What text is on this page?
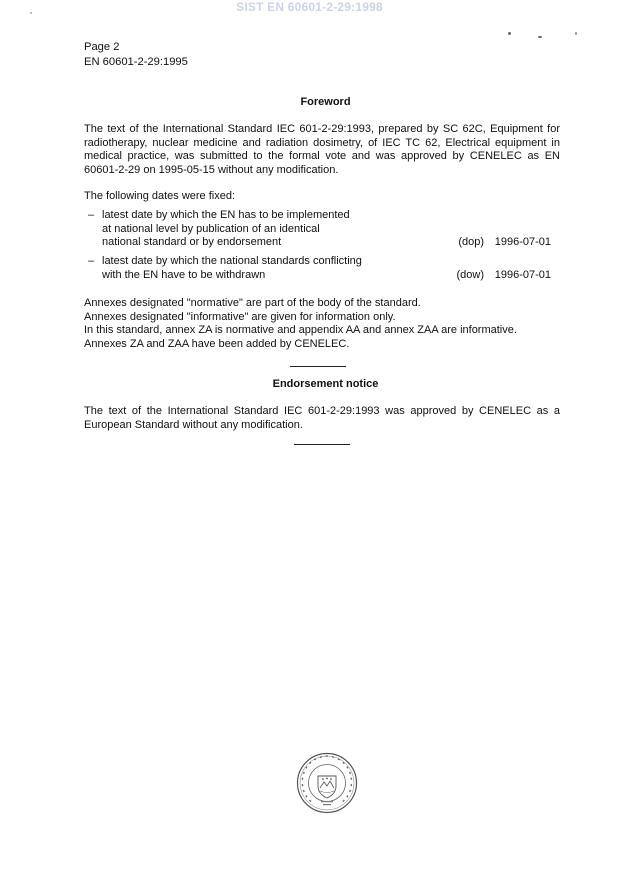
SIST EN 60601-2-29:1998
Page 2
EN 60601-2-29:1995
Foreword
The text of the International Standard IEC 601-2-29:1993, prepared by SC 62C, Equipment for radiotherapy, nuclear medicine and radiation dosimetry, of IEC TC 62, Electrical equipment in medical practice, was submitted to the formal vote and was approved by CENELEC as EN 60601-2-29 on 1995-05-15 without any modification.
The following dates were fixed:
– latest date by which the EN has to be implemented
at national level by publication of an identical
national standard or by endorsement	(dop) 1996-07-01
– latest date by which the national standards conflicting
with the EN have to be withdrawn	(dow) 1996-07-01
Annexes designated "normative" are part of the body of the standard.
Annexes designated "informative" are given for information only.
In this standard, annex ZA is normative and appendix AA and annex ZAA are informative.
Annexes ZA and ZAA have been added by CENELEC.
Endorsement notice
The text of the International Standard IEC 601-2-29:1993 was approved by CENELEC as a European Standard without any modification.
